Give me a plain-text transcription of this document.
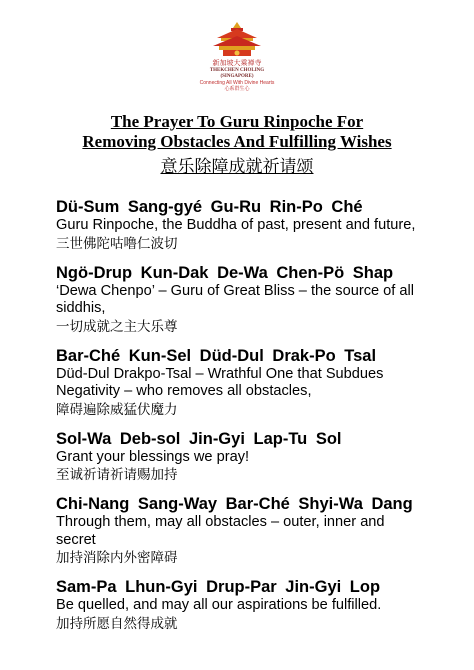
新加坡大乘禅寺
THEKCHEN CHOLING
(SINGAPORE)
Connecting All With Divine Hearts
心系群生心
The Prayer To Guru Rinpoche For
Removing Obstacles And Fulfilling Wishes
意乐除障成就祈请颂
Dü-Sum Sang-gyé Gu-Ru Rin-Po Ché

Guru Rinpoche, the Buddha of past, present and future,

三世佛陀咕噜仁波切

Ngö-Drup Kun-Dak De-Wa Chen-Pö Shap

‘Dewa Chenpo’ – Guru of Great Bliss – the source of all siddhis,

一切成就之主大乐尊

Bar-Ché Kun-Sel Düd-Dul Drak-Po Tsal

Düd-Dul Drakpo-Tsal – Wrathful One that Subdues Negativity – who removes all obstacles,

障碍遍除威猛伏魔力

Sol-Wa Deb-sol Jin-Gyi Lap-Tu Sol

Grant your blessings we pray!

至诚祈请祈请赐加持

Chi-Nang Sang-Way Bar-Ché Shyi-Wa Dang

Through them, may all obstacles – outer, inner and secret

加持消除内外密障碍

Sam-Pa Lhun-Gyi Drup-Par Jin-Gyi Lop

Be quelled, and may all our aspirations be fulfilled.

加持所愿自然得成就
